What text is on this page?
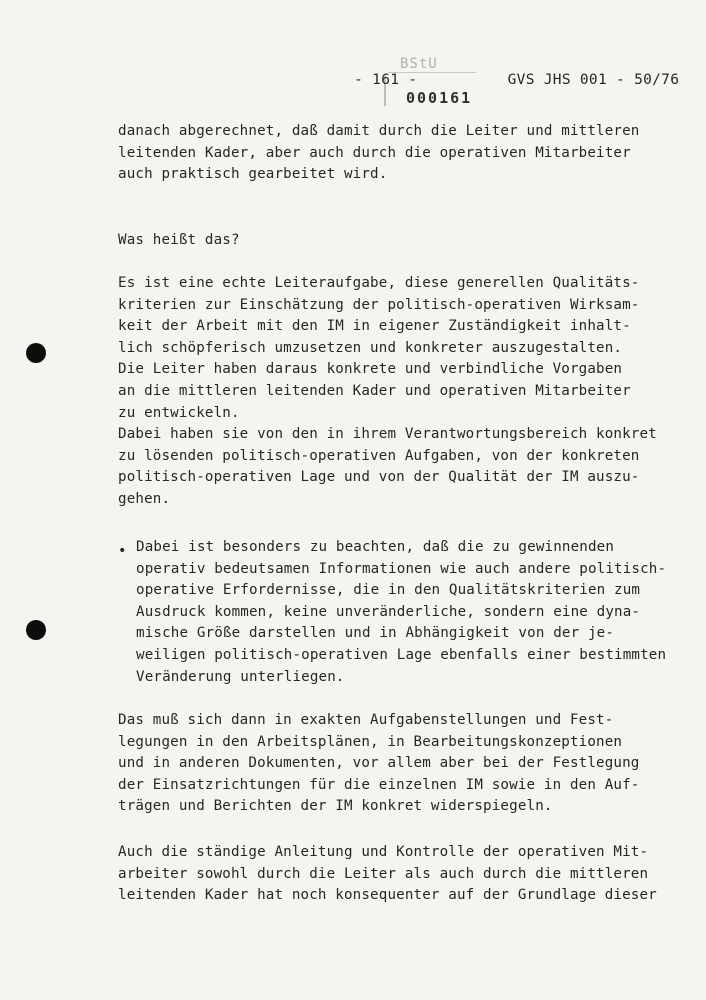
BStU
000161

- 161 -	GVS JHS 001 - 50/76

danach abgerechnet, daß damit durch die Leiter und mittleren
leitenden Kader, aber auch durch die operativen Mitarbeiter
auch praktisch gearbeitet wird.
Was heißt das?
Es ist eine echte Leiteraufgabe, diese generellen Qualitäts-
kriterien zur Einschätzung der politisch-operativen Wirksam-
keit der Arbeit mit den IM in eigener Zuständigkeit inhalt-
lich schöpferisch umzusetzen und konkreter auszugestalten.
Die Leiter haben daraus konkrete und verbindliche Vorgaben
an die mittleren leitenden Kader und operativen Mitarbeiter
zu entwickeln.
Dabei haben sie von den in ihrem Verantwortungsbereich konkret
zu lösenden politisch-operativen Aufgaben, von der konkreten
politisch-operativen Lage und von der Qualität der IM auszu-
gehen.
• Dabei ist besonders zu beachten, daß die zu gewinnenden
operativ bedeutsamen Informationen wie auch andere politisch-
operative Erfordernisse, die in den Qualitätskriterien zum
Ausdruck kommen, keine unveränderliche, sondern eine dyna-
mische Größe darstellen und in Abhängigkeit von der je-
weiligen politisch-operativen Lage ebenfalls einer bestimmten
Veränderung unterliegen.
Das muß sich dann in exakten Aufgabenstellungen und Fest-
legungen in den Arbeitsplänen, in Bearbeitungskonzeptionen
und in anderen Dokumenten, vor allem aber bei der Festlegung
der Einsatzrichtungen für die einzelnen IM sowie in den Auf-
trägen und Berichten der IM konkret widerspiegeln.
Auch die ständige Anleitung und Kontrolle der operativen Mit-
arbeiter sowohl durch die Leiter als auch durch die mittleren
leitenden Kader hat noch konsequenter auf der Grundlage dieser
